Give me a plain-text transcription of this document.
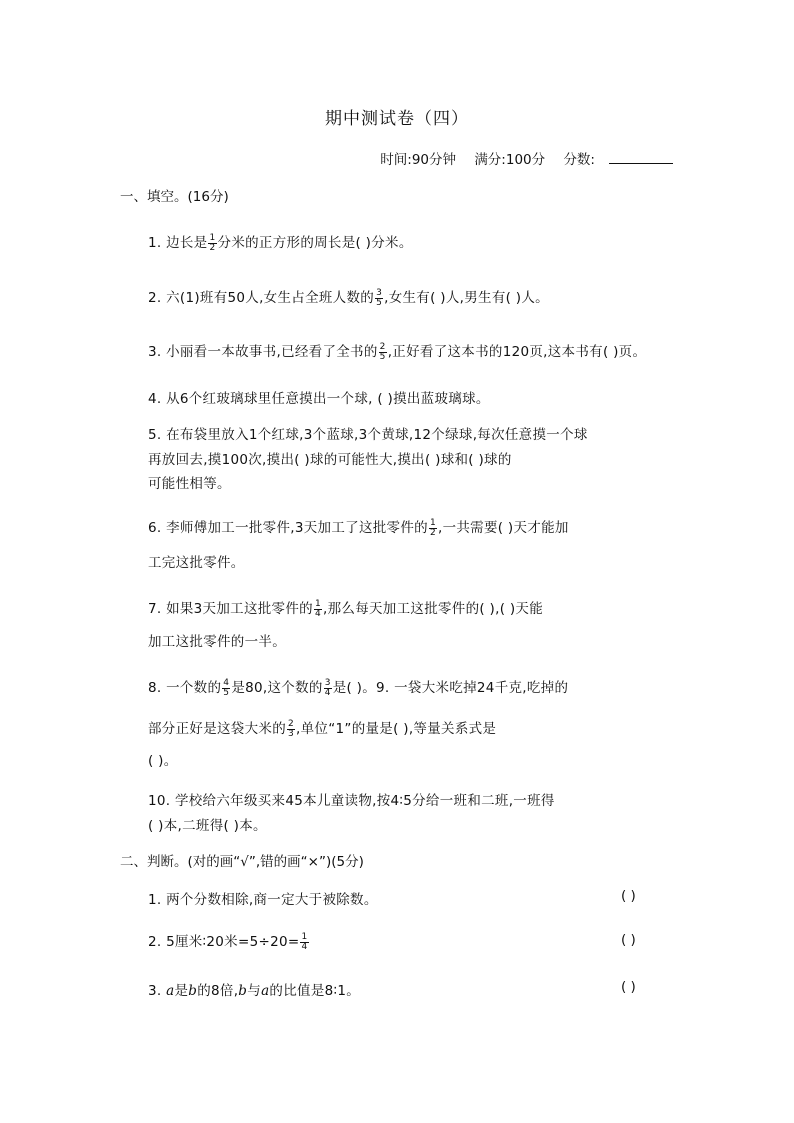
期中测试卷（四）
时间:90分钟 满分:100分 分数:
一、填空。(16分)
1. 边长是 $\frac{1}{2}$ 分米的正方形的周长是( )分米。
2. 六(1)班有50人,女生占全班人数的 $\frac{3}{5}$ ,女生有( )人,男生有( )人。
3. 小丽看一本故事书,已经看了全书的 $\frac{2}{5}$ ,正好看了这本书的120页,这本书有( )页。
4. 从6个红玻璃球里任意摸出一个球, ( )摸出蓝玻璃球。
5. 在布袋里放入1个红球,3个蓝球,3个黄球,12个绿球,每次任意摸一个球
再放回去,摸100次,摸出( )球的可能性大,摸出( )球和( )球的
可能性相等。
6. 李师傅加工一批零件,3天加工了这批零件的 $\frac{1}{2}$ ,一共需要( )天才能加
工完这批零件。
7. 如果3天加工这批零件的 $\frac{1}{4}$ ,那么每天加工这批零件的( ),( )天能
加工这批零件的一半。
8. 一个数的 $\frac{4}{5}$ 是80,这个数的 $\frac{3}{4}$ 是( )。9. 一袋大米吃掉24千克,吃掉的
部分正好是这袋大米的 $\frac{2}{3}$ ,单位“1”的量是( ),等量关系式是
( )。
10. 学校给六年级买来45本儿童读物,按4∶5分给一班和二班,一班得
( )本,二班得( )本。
二、判断。(对的画“√”,错的画“×”)(5分)
1. 两个分数相除,商一定大于被除数。	( )
2. 5厘米∶20米$=5\div 20= \frac{1}{4}$	( )
3. a是b的8倍,b与a的比值是8∶1。	( )
